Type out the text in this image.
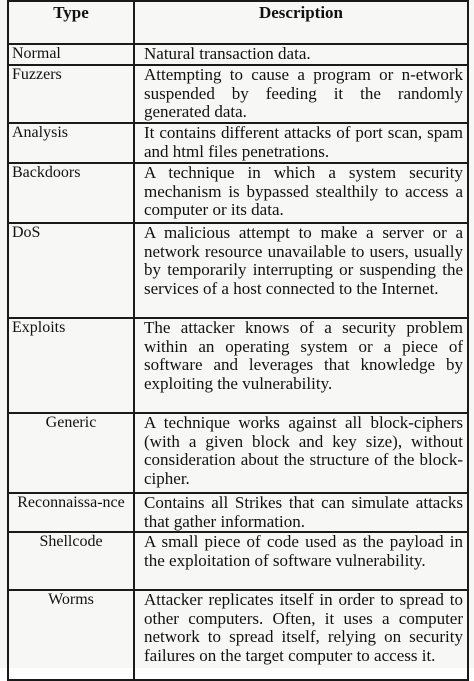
Type	Description
Normal	Natural transaction data.
Fuzzers	Attempting to cause a program or n-etwork suspended by feeding it the randomly generated data.
Analysis	It contains different attacks of port scan, spam and html files penetrations.
Backdoors	A technique in which a system security mechanism is bypassed stealthily to access a computer or its data.
DoS	A malicious attempt to make a server or a network resource unavailable to users, usually by temporarily interrupting or suspending the services of a host connected to the Internet.
Exploits	The attacker knows of a security problem within an operating system or a piece of software and leverages that knowledge by exploiting the vulnerability.
Generic	A technique works against all block-ciphers (with a given block and key size), without consideration about the structure of the block-cipher.
Reconnaissa-nce	Contains all Strikes that can simulate attacks that gather information.
Shellcode	A small piece of code used as the payload in the exploitation of software vulnerability.
Worms	Attacker replicates itself in order to spread to other computers. Often, it uses a computer network to spread itself, relying on security failures on the target computer to access it.
